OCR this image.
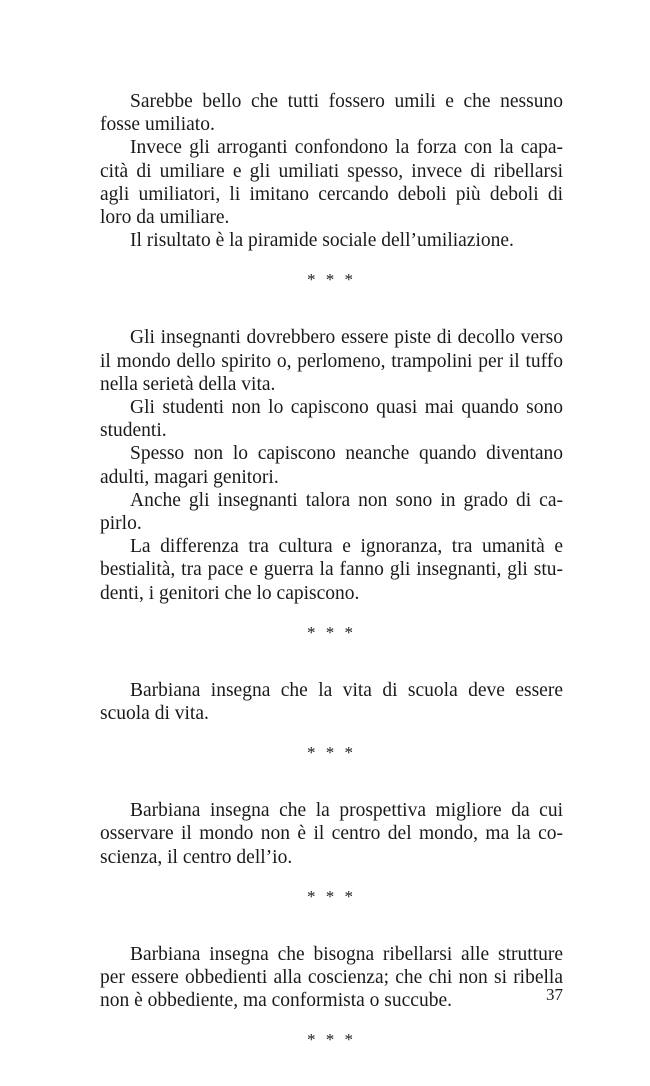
Sarebbe bello che tutti fossero umili e che nessuno fosse umiliato.

Invece gli arroganti confondono la forza con la capacità di umiliare e gli umiliati spesso, invece di ribellarsi agli umiliatori, li imitano cercando deboli più deboli di loro da umiliare.

Il risultato è la piramide sociale dell’umiliazione.

* * *

Gli insegnanti dovrebbero essere piste di decollo verso il mondo dello spirito o, perlomeno, trampolini per il tuffo nella serietà della vita.

Gli studenti non lo capiscono quasi mai quando sono studenti.

Spesso non lo capiscono neanche quando diventano adulti, magari genitori.

Anche gli insegnanti talora non sono in grado di capirlo.

La differenza tra cultura e ignoranza, tra umanità e bestialità, tra pace e guerra la fanno gli insegnanti, gli studenti, i genitori che lo capiscono.

* * *

Barbiana insegna che la vita di scuola deve essere scuola di vita.

* * *

Barbiana insegna che la prospettiva migliore da cui osservare il mondo non è il centro del mondo, ma la coscienza, il centro dell’io.

* * *

Barbiana insegna che bisogna ribellarsi alle strutture per essere obbedienti alla coscienza; che chi non si ribella non è obbediente, ma conformista o succube.

* * *
37
